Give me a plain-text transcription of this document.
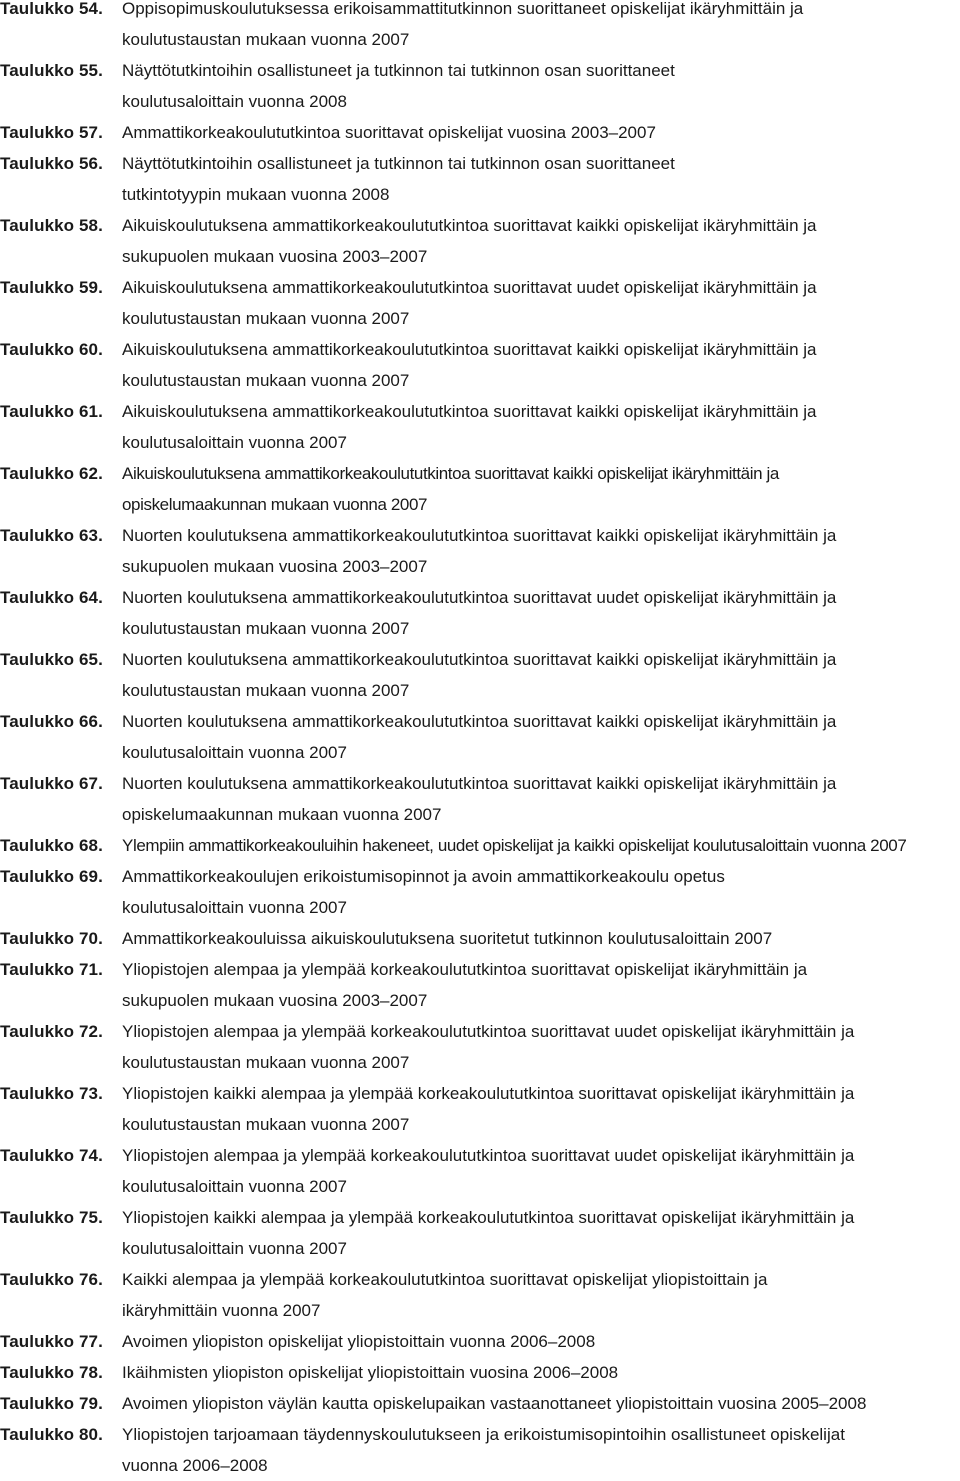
Taulukko 54. Oppisopimuskoulutuksessa erikoisammattitutkinnon suorittaneet opiskelijat ikäryhmittäin ja
koulutustaustan mukaan vuonna 2007
Taulukko 55. Näyttötutkintoihin osallistuneet ja tutkinnon tai tutkinnon osan suorittaneet
koulutusaloittain vuonna 2008
Taulukko 57. Ammattikorkeakoulututkintoa suorittavat opiskelijat vuosina 2003–2007
Taulukko 56. Näyttötutkintoihin osallistuneet ja tutkinnon tai tutkinnon osan suorittaneet
tutkintotyypin mukaan vuonna 2008
Taulukko 58. Aikuiskoulutuksena ammattikorkeakoulututkintoa suorittavat kaikki opiskelijat ikäryhmittäin ja
sukupuolen mukaan vuosina 2003–2007
Taulukko 59. Aikuiskoulutuksena ammattikorkeakoulututkintoa suorittavat uudet opiskelijat ikäryhmittäin ja
koulutustaustan mukaan vuonna 2007
Taulukko 60. Aikuiskoulutuksena ammattikorkeakoulututkintoa suorittavat kaikki opiskelijat ikäryhmittäin ja
koulutustaustan mukaan vuonna 2007
Taulukko 61. Aikuiskoulutuksena ammattikorkeakoulututkintoa suorittavat kaikki opiskelijat ikäryhmittäin ja
koulutusaloittain vuonna 2007
Taulukko 62. Aikuiskoulutuksena ammattikorkeakoulututkintoa suorittavat kaikki opiskelijat ikäryhmittäin ja
opiskelumaakunnan mukaan vuonna 2007
Taulukko 63. Nuorten koulutuksena ammattikorkeakoulututkintoa suorittavat kaikki opiskelijat ikäryhmittäin ja
sukupuolen mukaan vuosina 2003–2007
Taulukko 64. Nuorten koulutuksena ammattikorkeakoulututkintoa suorittavat uudet opiskelijat ikäryhmittäin ja
koulutustaustan mukaan vuonna 2007
Taulukko 65. Nuorten koulutuksena ammattikorkeakoulututkintoa suorittavat kaikki opiskelijat ikäryhmittäin ja
koulutustaustan mukaan vuonna 2007
Taulukko 66. Nuorten koulutuksena ammattikorkeakoulututkintoa suorittavat kaikki opiskelijat ikäryhmittäin ja
koulutusaloittain vuonna 2007
Taulukko 67. Nuorten koulutuksena ammattikorkeakoulututkintoa suorittavat kaikki opiskelijat ikäryhmittäin ja
opiskelumaakunnan mukaan vuonna 2007
Taulukko 68. Ylempiin ammattikorkeakouluihin hakeneet, uudet opiskelijat ja kaikki opiskelijat koulutusaloittain vuonna 2007
Taulukko 69. Ammattikorkeakoulujen erikoistumisopinnot ja avoin ammattikorkeakoulu opetus
koulutusaloittain vuonna 2007
Taulukko 70. Ammattikorkeakouluissa aikuiskoulutuksena suoritetut tutkinnon koulutusaloittain 2007
Taulukko 71. Yliopistojen alempaa ja ylempää korkeakoulututkintoa suorittavat opiskelijat ikäryhmittäin ja
sukupuolen mukaan vuosina 2003–2007
Taulukko 72. Yliopistojen alempaa ja ylempää korkeakoulututkintoa suorittavat uudet opiskelijat ikäryhmittäin ja
koulutustaustan mukaan vuonna 2007
Taulukko 73. Yliopistojen kaikki alempaa ja ylempää korkeakoulututkintoa suorittavat opiskelijat ikäryhmittäin ja
koulutustaustan mukaan vuonna 2007
Taulukko 74. Yliopistojen alempaa ja ylempää korkeakoulututkintoa suorittavat uudet opiskelijat ikäryhmittäin ja
koulutusaloittain vuonna 2007
Taulukko 75. Yliopistojen kaikki alempaa ja ylempää korkeakoulututkintoa suorittavat opiskelijat ikäryhmittäin ja
koulutusaloittain vuonna 2007
Taulukko 76. Kaikki alempaa ja ylempää korkeakoulututkintoa suorittavat opiskelijat yliopistoittain ja
ikäryhmittäin vuonna 2007
Taulukko 77. Avoimen yliopiston opiskelijat yliopistoittain vuonna 2006–2008
Taulukko 78. Ikäihmisten yliopiston opiskelijat yliopistoittain vuosina 2006–2008
Taulukko 79. Avoimen yliopiston väylän kautta opiskelupaikan vastaanottaneet yliopistoittain vuosina 2005–2008
Taulukko 80. Yliopistojen tarjoamaan täydennyskoulutukseen ja erikoistumisopintoihin osallistuneet opiskelijat
vuonna 2006–2008
